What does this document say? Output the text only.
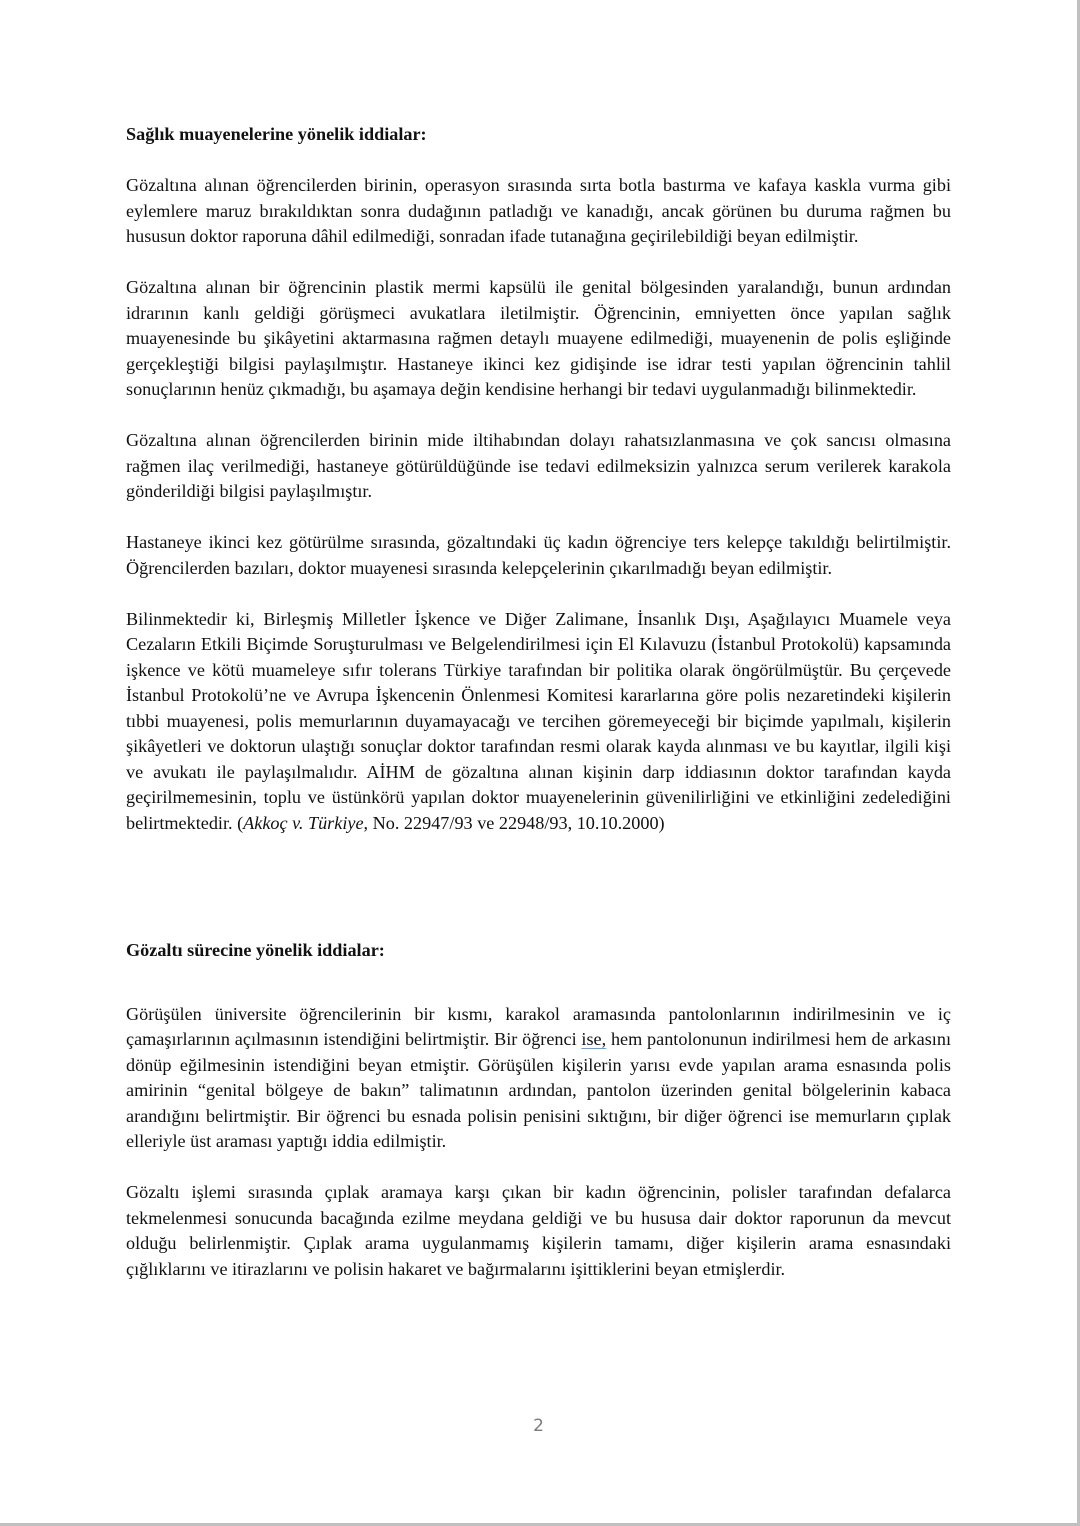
Sağlık muayenelerine yönelik iddialar:

Gözaltına alınan öğrencilerden birinin, operasyon sırasında sırta botla bastırma ve kafaya kaskla vurma gibi eylemlere maruz bırakıldıktan sonra dudağının patladığı ve kanadığı, ancak görünen bu duruma rağmen bu hususun doktor raporuna dâhil edilmediği, sonradan ifade tutanağına geçirilebildiği beyan edilmiştir.

Gözaltına alınan bir öğrencinin plastik mermi kapsülü ile genital bölgesinden yaralandığı, bunun ardından idrarının kanlı geldiği görüşmeci avukatlara iletilmiştir. Öğrencinin, emniyetten önce yapılan sağlık muayenesinde bu şikâyetini aktarmasına rağmen detaylı muayene edilmediği, muayenenin de polis eşliğinde gerçekleştiği bilgisi paylaşılmıştır. Hastaneye ikinci kez gidişinde ise idrar testi yapılan öğrencinin tahlil sonuçlarının henüz çıkmadığı, bu aşamaya değin kendisine herhangi bir tedavi uygulanmadığı bilinmektedir.

Gözaltına alınan öğrencilerden birinin mide iltihabından dolayı rahatsızlanmasına ve çok sancısı olmasına rağmen ilaç verilmediği, hastaneye götürüldüğünde ise tedavi edilmeksizin yalnızca serum verilerek karakola gönderildiği bilgisi paylaşılmıştır.

Hastaneye ikinci kez götürülme sırasında, gözaltındaki üç kadın öğrenciye ters kelepçe takıldığı belirtilmiştir. Öğrencilerden bazıları, doktor muayenesi sırasında kelepçelerinin çıkarılmadığı beyan edilmiştir.

Bilinmektedir ki, Birleşmiş Milletler İşkence ve Diğer Zalimane, İnsanlık Dışı, Aşağılayıcı Muamele veya Cezaların Etkili Biçimde Soruşturulması ve Belgelendirilmesi için El Kılavuzu (İstanbul Protokolü) kapsamında işkence ve kötü muameleye sıfır tolerans Türkiye tarafından bir politika olarak öngörülmüştür. Bu çerçevede İstanbul Protokolü’ne ve Avrupa İşkencenin Önlenmesi Komitesi kararlarına göre polis nezaretindeki kişilerin tıbbi muayenesi, polis memurlarının duyamayacağı ve tercihen göremeyeceği bir biçimde yapılmalı, kişilerin şikâyetleri ve doktorun ulaştığı sonuçlar doktor tarafından resmi olarak kayda alınması ve bu kayıtlar, ilgili kişi ve avukatı ile paylaşılmalıdır. AİHM de gözaltına alınan kişinin darp iddiasının doktor tarafından kayda geçirilmemesinin, toplu ve üstünkörü yapılan doktor muayenelerinin güvenilirliğini ve etkinliğini zedelediğini belirtmektedir. (Akkoç v. Türkiye, No. 22947/93 ve 22948/93, 10.10.2000)

Gözaltı sürecine yönelik iddialar:

Görüşülen üniversite öğrencilerinin bir kısmı, karakol aramasında pantolonlarının indirilmesinin ve iç çamaşırlarının açılmasının istendiğini belirtmiştir. Bir öğrenci ise, hem pantolonunun indirilmesi hem de arkasını dönüp eğilmesinin istendiğini beyan etmiştir. Görüşülen kişilerin yarısı evde yapılan arama esnasında polis amirinin “genital bölgeye de bakın” talimatının ardından, pantolon üzerinden genital bölgelerinin kabaca arandığını belirtmiştir. Bir öğrenci bu esnada polisin penisini sıktığını, bir diğer öğrenci ise memurların çıplak elleriyle üst araması yaptığı iddia edilmiştir.

Gözaltı işlemi sırasında çıplak aramaya karşı çıkan bir kadın öğrencinin, polisler tarafından defalarca tekmelenmesi sonucunda bacağında ezilme meydana geldiği ve bu hususa dair doktor raporunun da mevcut olduğu belirlenmiştir. Çıplak arama uygulanmamış kişilerin tamamı, diğer kişilerin arama esnasındaki çığlıklarını ve itirazlarını ve polisin hakaret ve bağırmalarını işittiklerini beyan etmişlerdir.

2
